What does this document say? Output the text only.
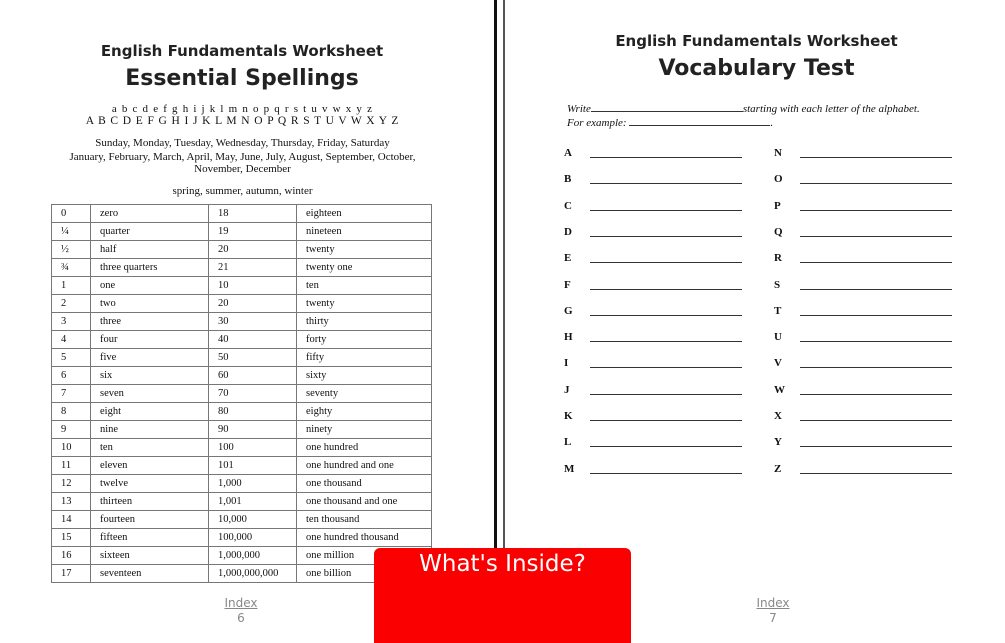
English Fundamentals Worksheet
Essential Spellings
a b c d e f g h i j k l m n o p q r s t u v w x y z
A B C D E F G H I J K L M N O P Q R S T U V W X Y Z
Sunday, Monday, Tuesday, Wednesday, Thursday, Friday, Saturday
January, February, March, April, May, June, July, August, September, October, November, December
spring, summer, autumn, winter
0	zero	18	eighteen
¼	quarter	19	nineteen
½	half	20	twenty
¾	three quarters	21	twenty one
1	one	10	ten
2	two	20	twenty
3	three	30	thirty
4	four	40	forty
5	five	50	fifty
6	six	60	sixty
7	seven	70	seventy
8	eight	80	eighty
9	nine	90	ninety
10	ten	100	one hundred
11	eleven	101	one hundred and one
12	twelve	1,000	one thousand
13	thirteen	1,001	one thousand and one
14	fourteen	10,000	ten thousand
15	fifteen	100,000	one hundred thousand
16	sixteen	1,000,000	one million
17	seventeen	1,000,000,000	one billion
Index
6
English Fundamentals Worksheet
Vocabulary Test
Write	starting with each letter of the alphabet.
For example:	.
A
B
C
D
E
F
G
H
I
J
K
L
M
N
O
P
Q
R
S
T
U
V
W
X
Y
Z
Index
7
What's Inside?
